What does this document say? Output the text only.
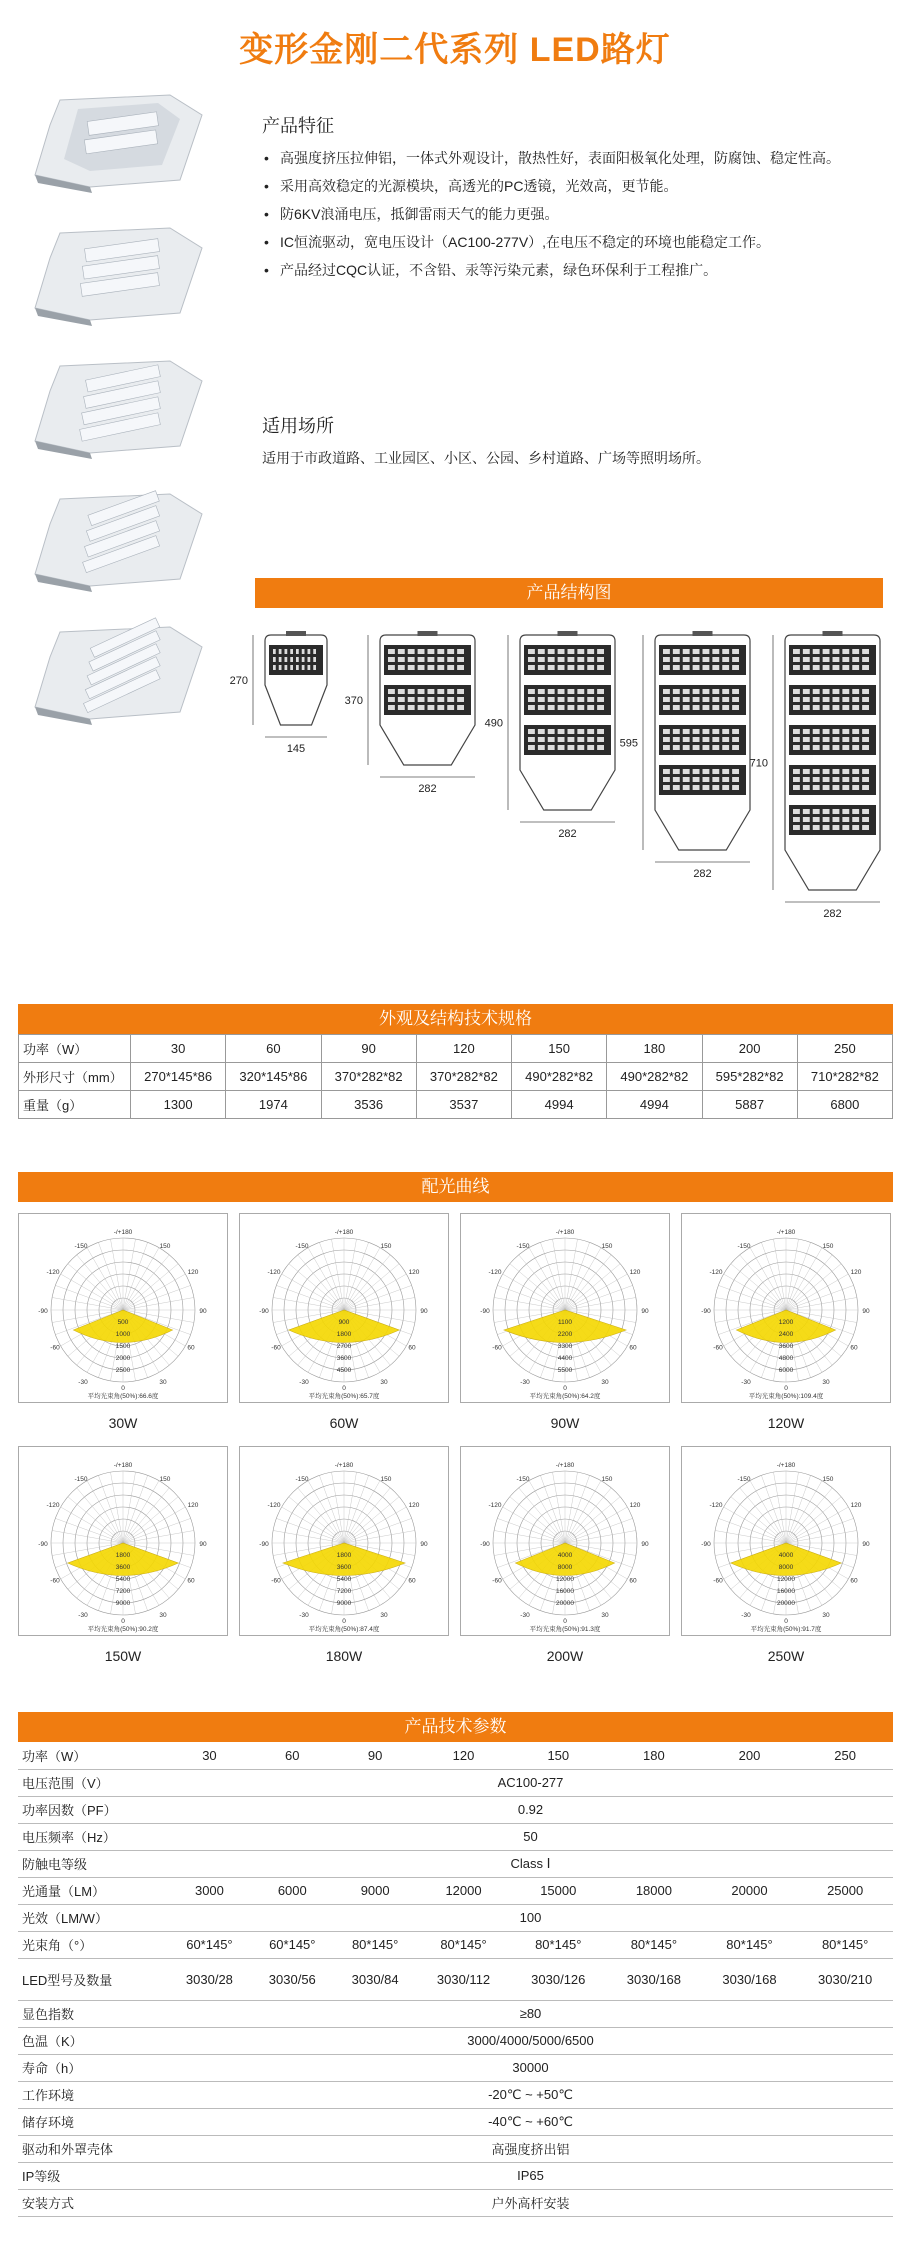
变形金刚二代系列 LED路灯

产品特征
• 高强度挤压拉伸铝，一体式外观设计，散热性好，表面阳极氧化处理，防腐蚀、稳定性高。
• 采用高效稳定的光源模块，高透光的PC透镜，光效高，更节能。
• 防6KV浪涌电压，抵御雷雨天气的能力更强。
• IC恒流驱动，宽电压设计（AC100-277V）,在电压不稳定的环境也能稳定工作。
• 产品经过CQC认证，不含铅、汞等污染元素，绿色环保利于工程推广。
适用场所
适用于市政道路、工业园区、小区、公园、乡村道路、广场等照明场所。
产品结构图
270
145
370
282
490
282
595
282
710
282
外观及结构技术规格
功率（W）	30	60	90	120	150	180	200	250
外形尺寸（mm）	270*145*86	320*145*86	370*282*82	370*282*82	490*282*82	490*282*82	595*282*82	710*282*82
重量（g）	1300	1974	3536	3537	4994	4994	5887	6800
配光曲线
500
1000
1500
2000
2500
-/+180
-150	150
-120	120
-90	90
-60	60
-30	30
0
平均光束角(50%):66.6度
30W
900
1800
2700
3600
4500
-/+180
-150	150
-120	120
-90	90
-60	60
-30	30
0
平均光束角(50%):65.7度
60W
1100
2200
3300
4400
5500
-/+180
-150	150
-120	120
-90	90
-60	60
-30	30
0
平均光束角(50%):64.2度
90W
1200
2400
3600
4800
6000
-/+180
-150	150
-120	120
-90	90
-60	60
-30	30
0
平均光束角(50%):109.4度
120W
1800
3600
5400
7200
9000
-/+180
-150	150
-120	120
-90	90
-60	60
-30	30
0
平均光束角(50%):90.2度
150W
1800
3600
5400
7200
9000
-/+180
-150	150
-120	120
-90	90
-60	60
-30	30
0
平均光束角(50%):87.4度
180W
4000
8000
12000
16000
20000
-/+180
-150	150
-120	120
-90	90
-60	60
-30	30
0
平均光束角(50%):91.3度
200W
4000
8000
12000
16000
20000
-/+180
-150	150
-120	120
-90	90
-60	60
-30	30
0
平均光束角(50%):91.7度
250W
产品技术参数
功率（W）	30	60	90	120	150	180	200	250
电压范围（V）	AC100-277							
功率因数（PF）	0.92							
电压频率（Hz）	50							
防触电等级	Class Ⅰ							
光通量（LM）	3000	6000	9000	12000	15000	18000	20000	25000
光效（LM/W）	100							
光束角（°）	60*145°	60*145°	80*145°	80*145°	80*145°	80*145°	80*145°	80*145°
LED型号及数量	3030/28	3030/56	3030/84	3030/112	3030/126	3030/168	3030/168	3030/210
显色指数	≥80							
色温（K）	3000/4000/5000/6500							
寿命（h）	30000							
工作环境	-20℃ ~ +50℃							
储存环境	-40℃ ~ +60℃							
驱动和外罩壳体	高强度挤出铝							
IP等级	IP65							
安装方式	户外高杆安装							
